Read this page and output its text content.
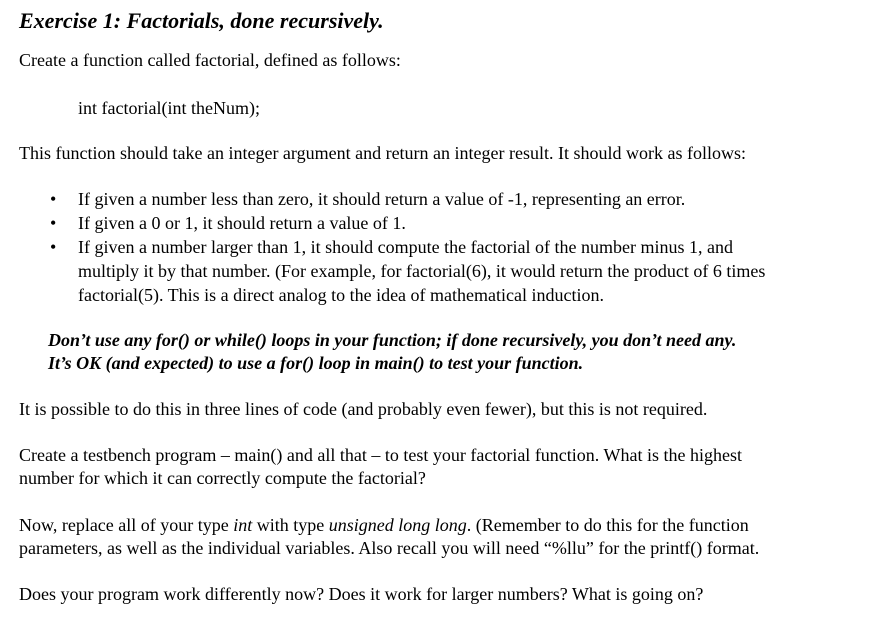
Exercise 1: Factorials, done recursively.
Create a function called factorial, defined as follows:
int factorial(int theNum);
This function should take an integer argument and return an integer result. It should work as follows:
• If given a number less than zero, it should return a value of -1, representing an error.
• If given a 0 or 1, it should return a value of 1.
• If given a number larger than 1, it should compute the factorial of the number minus 1, and
multiply it by that number. (For example, for factorial(6), it would return the product of 6 times
factorial(5). This is a direct analog to the idea of mathematical induction.
Don’t use any for() or while() loops in your function; if done recursively, you don’t need any.
It’s OK (and expected) to use a for() loop in main() to test your function.
It is possible to do this in three lines of code (and probably even fewer), but this is not required.
Create a testbench program – main() and all that – to test your factorial function. What is the highest
number for which it can correctly compute the factorial?
Now, replace all of your type int with type unsigned long long. (Remember to do this for the function
parameters, as well as the individual variables. Also recall you will need “%llu” for the printf() format.
Does your program work differently now? Does it work for larger numbers? What is going on?
